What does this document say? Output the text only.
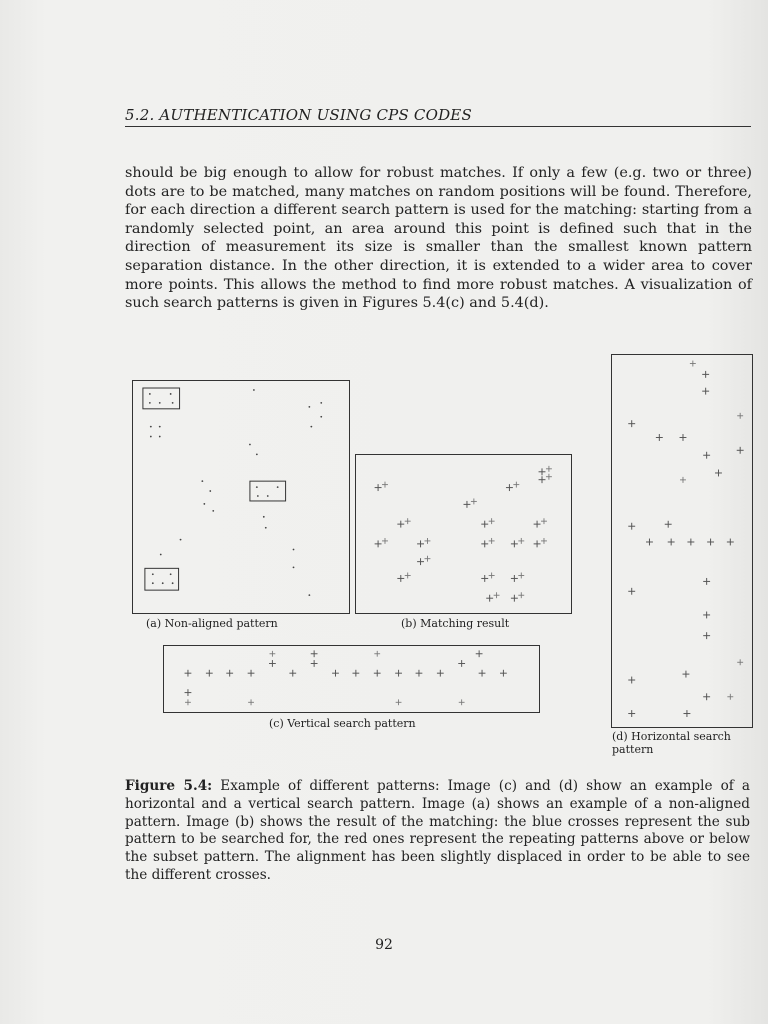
5.2. AUTHENTICATION USING CPS CODES

should be big enough to allow for robust matches. If only a few (e.g. two or three) dots are to be matched, many matches on random positions will be found. Therefore, for each direction a different search pattern is used for the matching: starting from a randomly selected point, an area around this point is defined such that in the direction of measurement its size is smaller than the smallest known pattern separation distance. In the other direction, it is extended to a wider area to cover more points. This allows the method to find more robust matches. A visualization of such search patterns is given in Figures 5.4(c) and 5.4(d).

(a) Non-aligned pattern	(b) Matching result
(c) Vertical search pattern
(d) Horizontal search
pattern

Figure 5.4: Example of different patterns: Image (c) and (d) show an example of a horizontal and a vertical search pattern. Image (a) shows an example of a non-aligned pattern. Image (b) shows the result of the matching: the blue crosses represent the sub pattern to be searched for, the red ones represent the repeating patterns above or below the subset pattern. The alignment has been slightly displaced in order to be able to see the different crosses.

92
